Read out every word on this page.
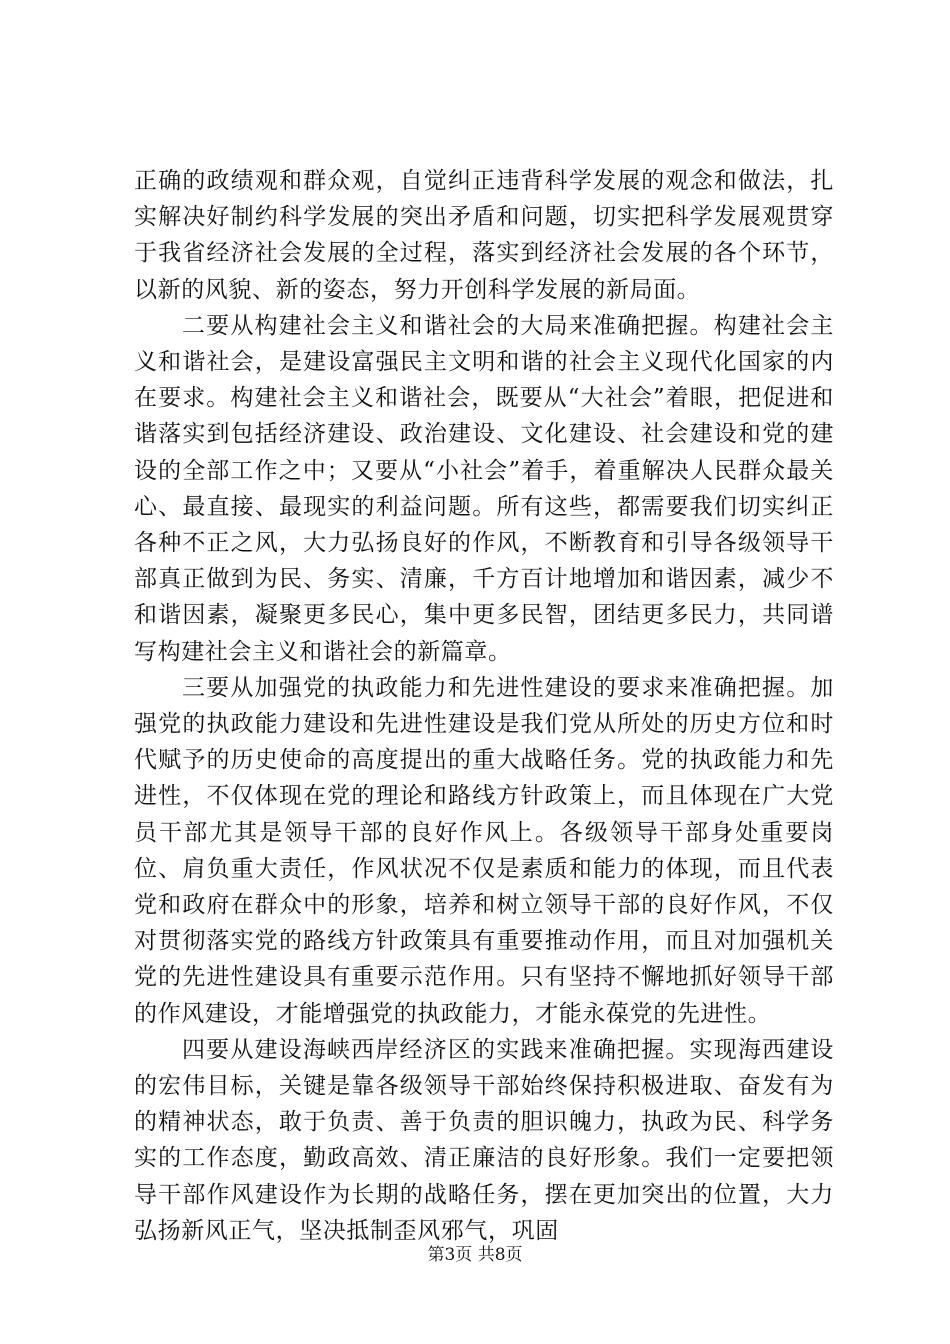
正确的政绩观和群众观，自觉纠正违背科学发展的观念和做法，扎实解决好制约科学发展的突出矛盾和问题，切实把科学发展观贯穿于我省经济社会发展的全过程，落实到经济社会发展的各个环节，以新的风貌、新的姿态，努力开创科学发展的新局面。

二要从构建社会主义和谐社会的大局来准确把握。构建社会主义和谐社会，是建设富强民主文明和谐的社会主义现代化国家的内在要求。构建社会主义和谐社会，既要从“大社会”着眼，把促进和谐落实到包括经济建设、政治建设、文化建设、社会建设和党的建设的全部工作之中；又要从“小社会”着手，着重解决人民群众最关心、最直接、最现实的利益问题。所有这些，都需要我们切实纠正各种不正之风，大力弘扬良好的作风，不断教育和引导各级领导干部真正做到为民、务实、清廉，千方百计地增加和谐因素，减少不和谐因素，凝聚更多民心，集中更多民智，团结更多民力，共同谱写构建社会主义和谐社会的新篇章。

三要从加强党的执政能力和先进性建设的要求来准确把握。加强党的执政能力建设和先进性建设是我们党从所处的历史方位和时代赋予的历史使命的高度提出的重大战略任务。党的执政能力和先进性，不仅体现在党的理论和路线方针政策上，而且体现在广大党员干部尤其是领导干部的良好作风上。各级领导干部身处重要岗位、肩负重大责任，作风状况不仅是素质和能力的体现，而且代表党和政府在群众中的形象，培养和树立领导干部的良好作风，不仅对贯彻落实党的路线方针政策具有重要推动作用，而且对加强机关党的先进性建设具有重要示范作用。只有坚持不懈地抓好领导干部的作风建设，才能增强党的执政能力，才能永葆党的先进性。

四要从建设海峡西岸经济区的实践来准确把握。实现海西建设的宏伟目标，关键是靠各级领导干部始终保持积极进取、奋发有为的精神状态，敢于负责、善于负责的胆识魄力，执政为民、科学务实的工作态度，勤政高效、清正廉洁的良好形象。我们一定要把领导干部作风建设作为长期的战略任务，摆在更加突出的位置，大力弘扬新风正气，坚决抵制歪风邪气，巩固

第3页 共8页
